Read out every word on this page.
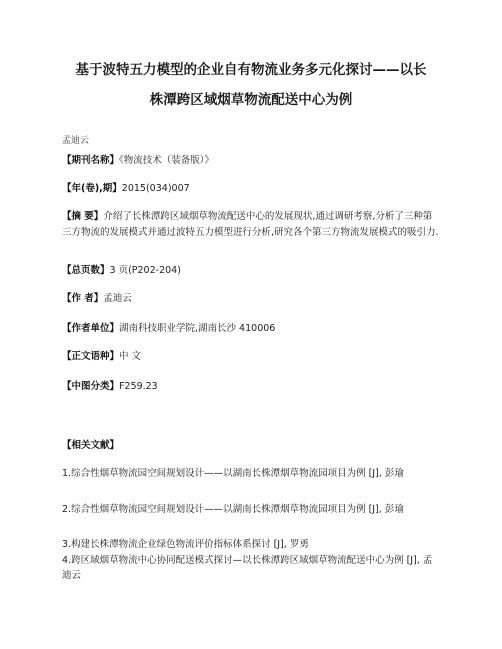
基于波特五力模型的企业自有物流业务多元化探讨——以长
株潭跨区域烟草物流配送中心为例
孟迪云
【期刊名称】《物流技术（装备版）》
【年(卷),期】2015(034)007
【摘 要】介绍了长株潭跨区域烟草物流配送中心的发展现状,通过调研考察,分析了三种第三方物流的发展模式并通过波特五力模型进行分析,研究各个第三方物流发展模式的吸引力.
【总页数】3 页(P202-204)
【作 者】孟迪云
【作者单位】湖南科技职业学院,湖南长沙 410006
【正文语种】中 文
【中图分类】F259.23
【相关文献】
1.综合性烟草物流园空间规划设计——以湖南长株潭烟草物流园项目为例 [J], 彭瑜
2.综合性烟草物流园空间规划设计——以湖南长株潭烟草物流园项目为例 [J], 彭瑜
3.构建长株潭物流企业绿色物流评价指标体系探讨 [J], 罗勇
4.跨区域烟草物流中心协同配送模式探讨—以长株潭跨区域烟草物流配送中心为例 [J], 孟迪云
